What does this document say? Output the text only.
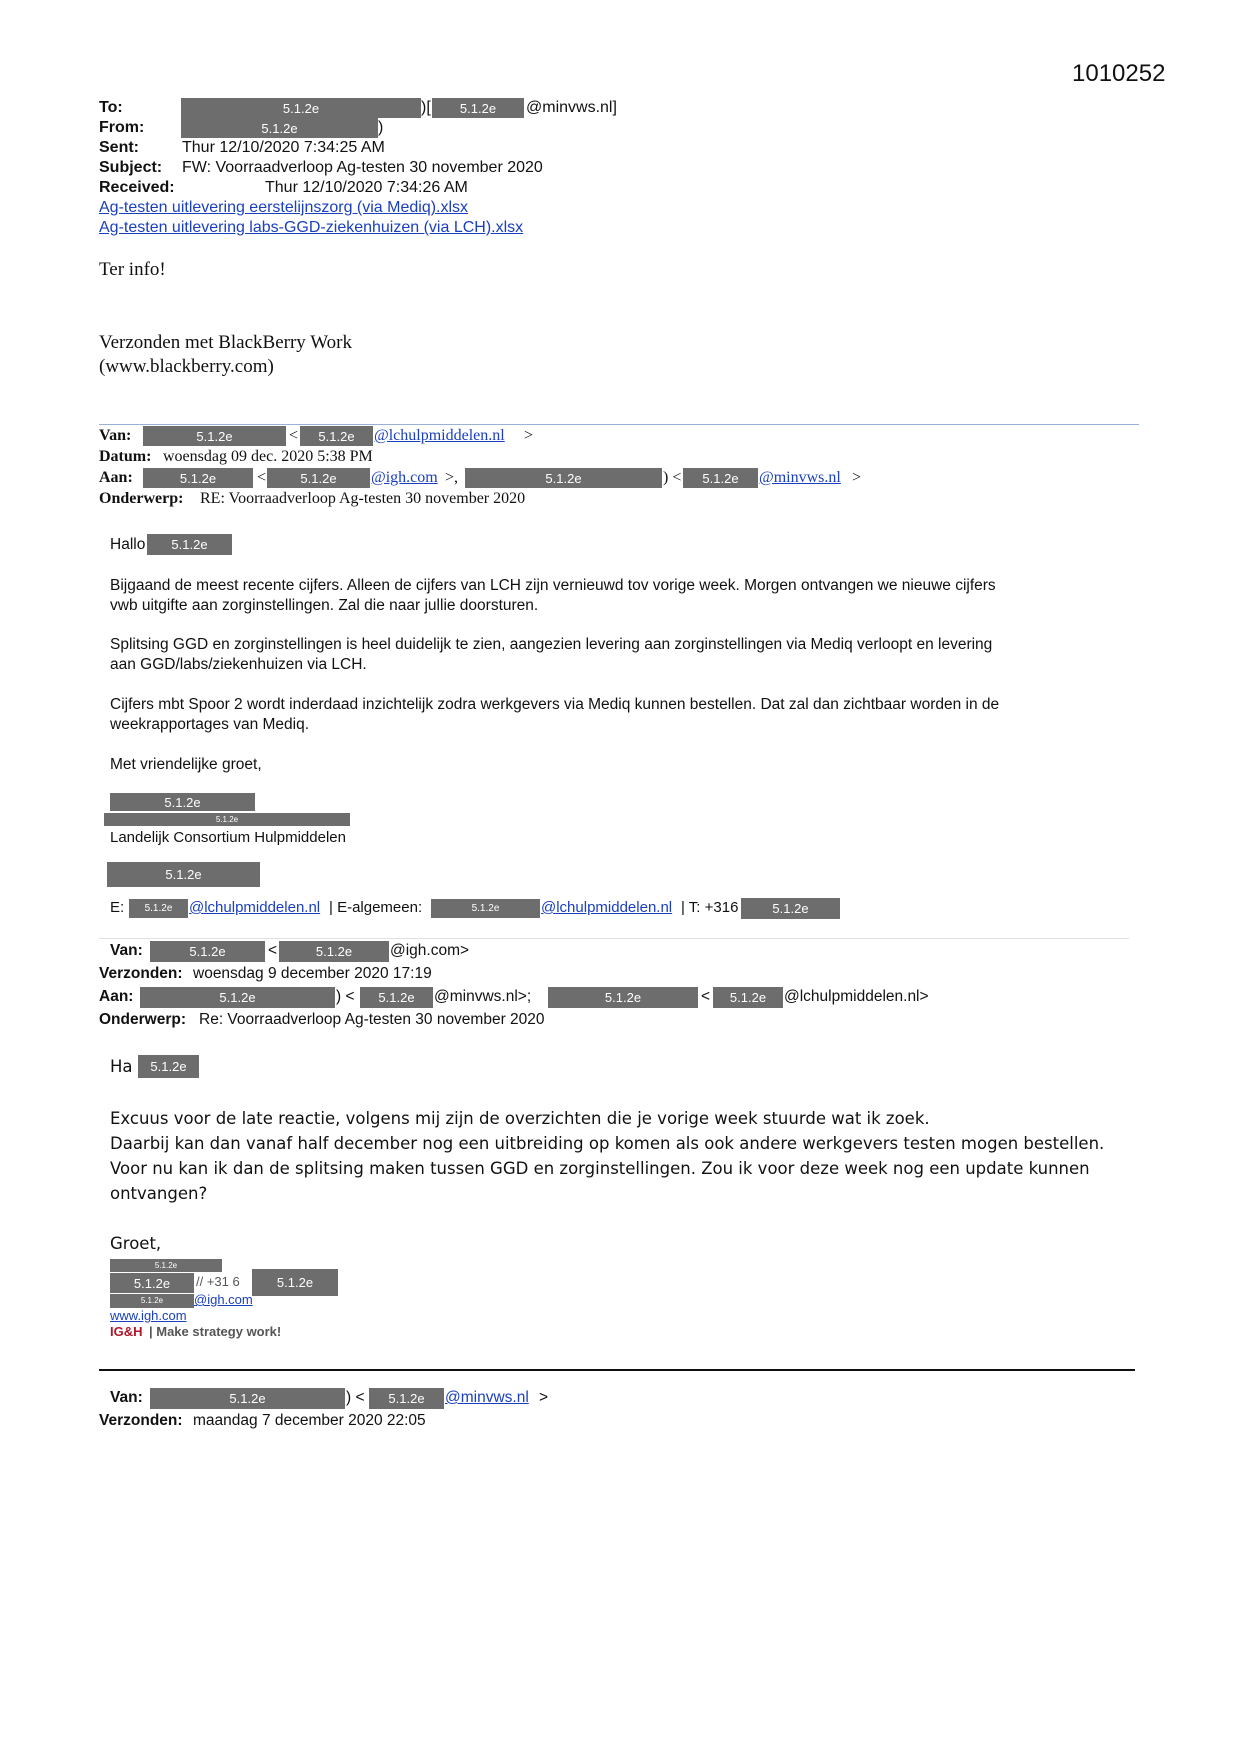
1010252
To:	5.1.2e	)[	5.1.2e	@minvws.nl]
From:	5.1.2e	)
Sent:	Thur 12/10/2020 7:34:25 AM
Subject: FW: Voorraadverloop Ag-testen 30 november 2020
Received:	Thur 12/10/2020 7:34:26 AM
Ag-testen uitlevering eerstelijnszorg (via Mediq).xlsx
Ag-testen uitlevering labs-GGD-ziekenhuizen (via LCH).xlsx
Ter info!
Verzonden met BlackBerry Work
(www.blackberry.com)
Van:	5.1.2e	<	5.1.2e	@lchulpmiddelen.nl >
Datum: woensdag 09 dec. 2020 5:38 PM
Aan:	5.1.2e	<	5.1.2e	@igh.com >,	5.1.2e	) <	5.1.2e	@minvws.nl >
Onderwerp: RE: Voorraadverloop Ag-testen 30 november 2020
Hallo	5.1.2e
Bijgaand de meest recente cijfers. Alleen de cijfers van LCH zijn vernieuwd tov vorige week. Morgen ontvangen we nieuwe cijfers
vwb uitgifte aan zorginstellingen. Zal die naar jullie doorsturen.
Splitsing GGD en zorginstellingen is heel duidelijk te zien, aangezien levering aan zorginstellingen via Mediq verloopt en levering
aan GGD/labs/ziekenhuizen via LCH.
Cijfers mbt Spoor 2 wordt inderdaad inzichtelijk zodra werkgevers via Mediq kunnen bestellen. Dat zal dan zichtbaar worden in de
weekrapportages van Mediq.
Met vriendelijke groet,
5.1.2e
5.1.2e
Landelijk Consortium Hulpmiddelen
5.1.2e
E:	5.1.2e	@lchulpmiddelen.nl | E-algemeen:	5.1.2e	@lchulpmiddelen.nl | T: +316	5.1.2e
Van:	5.1.2e	<	5.1.2e	@igh.com>
Verzonden: woensdag 9 december 2020 17:19
Aan:	5.1.2e	) <	5.1.2e	@minvws.nl>;	5.1.2e	<	5.1.2e	@lchulpmiddelen.nl>
Onderwerp: Re: Voorraadverloop Ag-testen 30 november 2020
Ha	5.1.2e
Excuus voor de late reactie, volgens mij zijn de overzichten die je vorige week stuurde wat ik zoek.
Daarbij kan dan vanaf half december nog een uitbreiding op komen als ook andere werkgevers testen mogen bestellen.
Voor nu kan ik dan de splitsing maken tussen GGD en zorginstellingen. Zou ik voor deze week nog een update kunnen
ontvangen?
Groet,
5.1.2e
5.1.2e	// +31 6	5.1.2e
5.1.2e	@igh.com
www.igh.com
IG&H | Make strategy work!
Van:	5.1.2e	) <	5.1.2e	@minvws.nl >
Verzonden: maandag 7 december 2020 22:05
